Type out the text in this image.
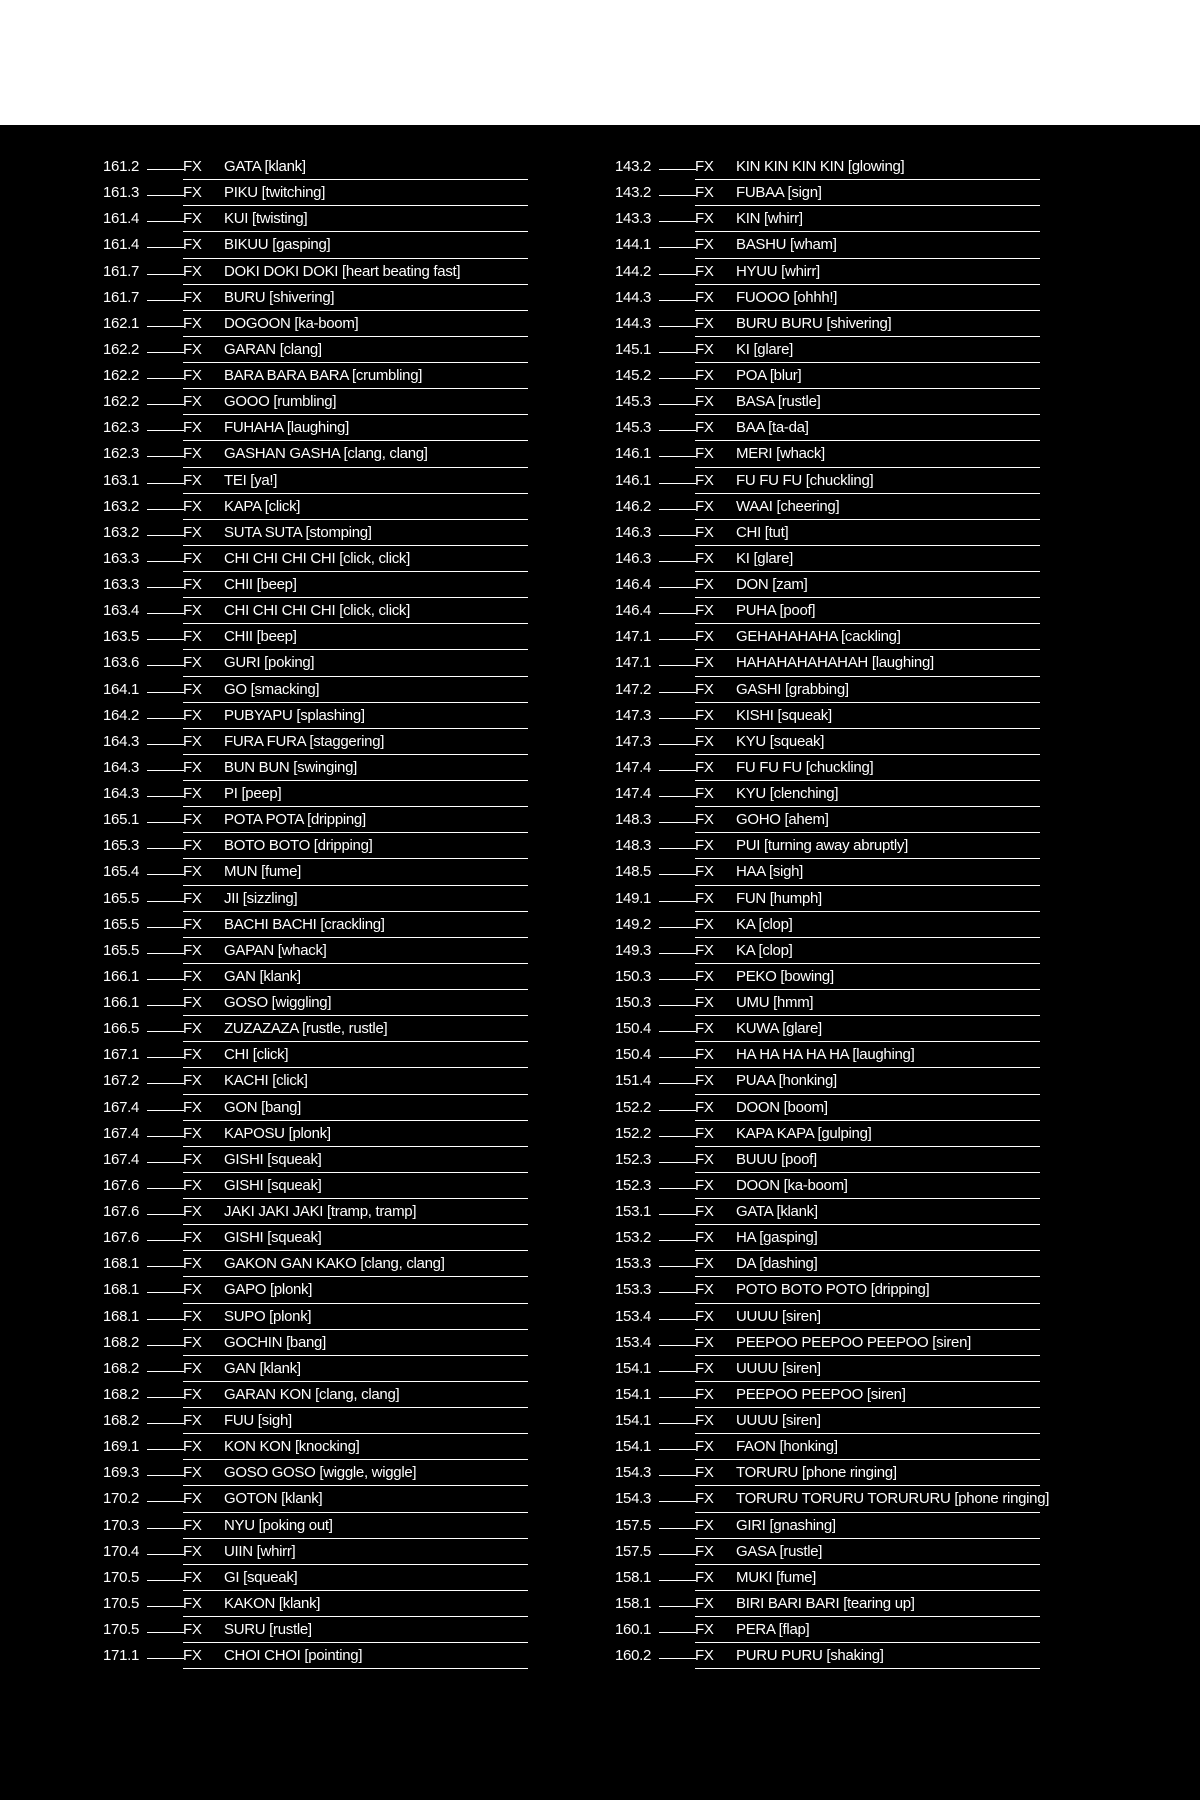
161.2	FX	GATA [klank]
161.3	FX	PIKU [twitching]
161.4	FX	KUI [twisting]
161.4	FX	BIKUU [gasping]
161.7	FX	DOKI DOKI DOKI [heart beating fast]
161.7	FX	BURU [shivering]
162.1	FX	DOGOON [ka-boom]
162.2	FX	GARAN [clang]
162.2	FX	BARA BARA BARA [crumbling]
162.2	FX	GOOO [rumbling]
162.3	FX	FUHAHA [laughing]
162.3	FX	GASHAN GASHA [clang, clang]
163.1	FX	TEI [ya!]
163.2	FX	KAPA [click]
163.2	FX	SUTA SUTA [stomping]
163.3	FX	CHI CHI CHI CHI [click, click]
163.3	FX	CHII [beep]
163.4	FX	CHI CHI CHI CHI [click, click]
163.5	FX	CHII [beep]
163.6	FX	GURI [poking]
164.1	FX	GO [smacking]
164.2	FX	PUBYAPU [splashing]
164.3	FX	FURA FURA [staggering]
164.3	FX	BUN BUN [swinging]
164.3	FX	PI [peep]
165.1	FX	POTA POTA [dripping]
165.3	FX	BOTO BOTO [dripping]
165.4	FX	MUN [fume]
165.5	FX	JII [sizzling]
165.5	FX	BACHI BACHI [crackling]
165.5	FX	GAPAN [whack]
166.1	FX	GAN [klank]
166.1	FX	GOSO [wiggling]
166.5	FX	ZUZAZAZA [rustle, rustle]
167.1	FX	CHI [click]
167.2	FX	KACHI [click]
167.4	FX	GON [bang]
167.4	FX	KAPOSU [plonk]
167.4	FX	GISHI [squeak]
167.6	FX	GISHI [squeak]
167.6	FX	JAKI JAKI JAKI [tramp, tramp]
167.6	FX	GISHI [squeak]
168.1	FX	GAKON GAN KAKO [clang, clang]
168.1	FX	GAPO [plonk]
168.1	FX	SUPO [plonk]
168.2	FX	GOCHIN [bang]
168.2	FX	GAN [klank]
168.2	FX	GARAN KON [clang, clang]
168.2	FX	FUU [sigh]
169.1	FX	KON KON [knocking]
169.3	FX	GOSO GOSO [wiggle, wiggle]
170.2	FX	GOTON [klank]
170.3	FX	NYU [poking out]
170.4	FX	UIIN [whirr]
170.5	FX	GI [squeak]
170.5	FX	KAKON [klank]
170.5	FX	SURU [rustle]
171.1	FX	CHOI CHOI [pointing]
143.2	FX	KIN KIN KIN KIN [glowing]
143.2	FX	FUBAA [sign]
143.3	FX	KIN [whirr]
144.1	FX	BASHU [wham]
144.2	FX	HYUU [whirr]
144.3	FX	FUOOO [ohhh!]
144.3	FX	BURU BURU [shivering]
145.1	FX	KI [glare]
145.2	FX	POA [blur]
145.3	FX	BASA [rustle]
145.3	FX	BAA [ta-da]
146.1	FX	MERI [whack]
146.1	FX	FU FU FU [chuckling]
146.2	FX	WAAI [cheering]
146.3	FX	CHI [tut]
146.3	FX	KI [glare]
146.4	FX	DON [zam]
146.4	FX	PUHA [poof]
147.1	FX	GEHAHAHAHA [cackling]
147.1	FX	HAHAHAHAHAHAH [laughing]
147.2	FX	GASHI [grabbing]
147.3	FX	KISHI [squeak]
147.3	FX	KYU [squeak]
147.4	FX	FU FU FU [chuckling]
147.4	FX	KYU [clenching]
148.3	FX	GOHO [ahem]
148.3	FX	PUI [turning away abruptly]
148.5	FX	HAA [sigh]
149.1	FX	FUN [humph]
149.2	FX	KA [clop]
149.3	FX	KA [clop]
150.3	FX	PEKO [bowing]
150.3	FX	UMU [hmm]
150.4	FX	KUWA [glare]
150.4	FX	HA HA HA HA HA [laughing]
151.4	FX	PUAA [honking]
152.2	FX	DOON [boom]
152.2	FX	KAPA KAPA [gulping]
152.3	FX	BUUU [poof]
152.3	FX	DOON [ka-boom]
153.1	FX	GATA [klank]
153.2	FX	HA [gasping]
153.3	FX	DA [dashing]
153.3	FX	POTO BOTO POTO [dripping]
153.4	FX	UUUU [siren]
153.4	FX	PEEPOO PEEPOO PEEPOO [siren]
154.1	FX	UUUU [siren]
154.1	FX	PEEPOO PEEPOO [siren]
154.1	FX	UUUU [siren]
154.1	FX	FAON [honking]
154.3	FX	TORURU [phone ringing]
154.3	FX	TORURU TORURU TORURURU [phone ringing]
157.5	FX	GIRI [gnashing]
157.5	FX	GASA [rustle]
158.1	FX	MUKI [fume]
158.1	FX	BIRI BARI BARI [tearing up]
160.1	FX	PERA [flap]
160.2	FX	PURU PURU [shaking]
